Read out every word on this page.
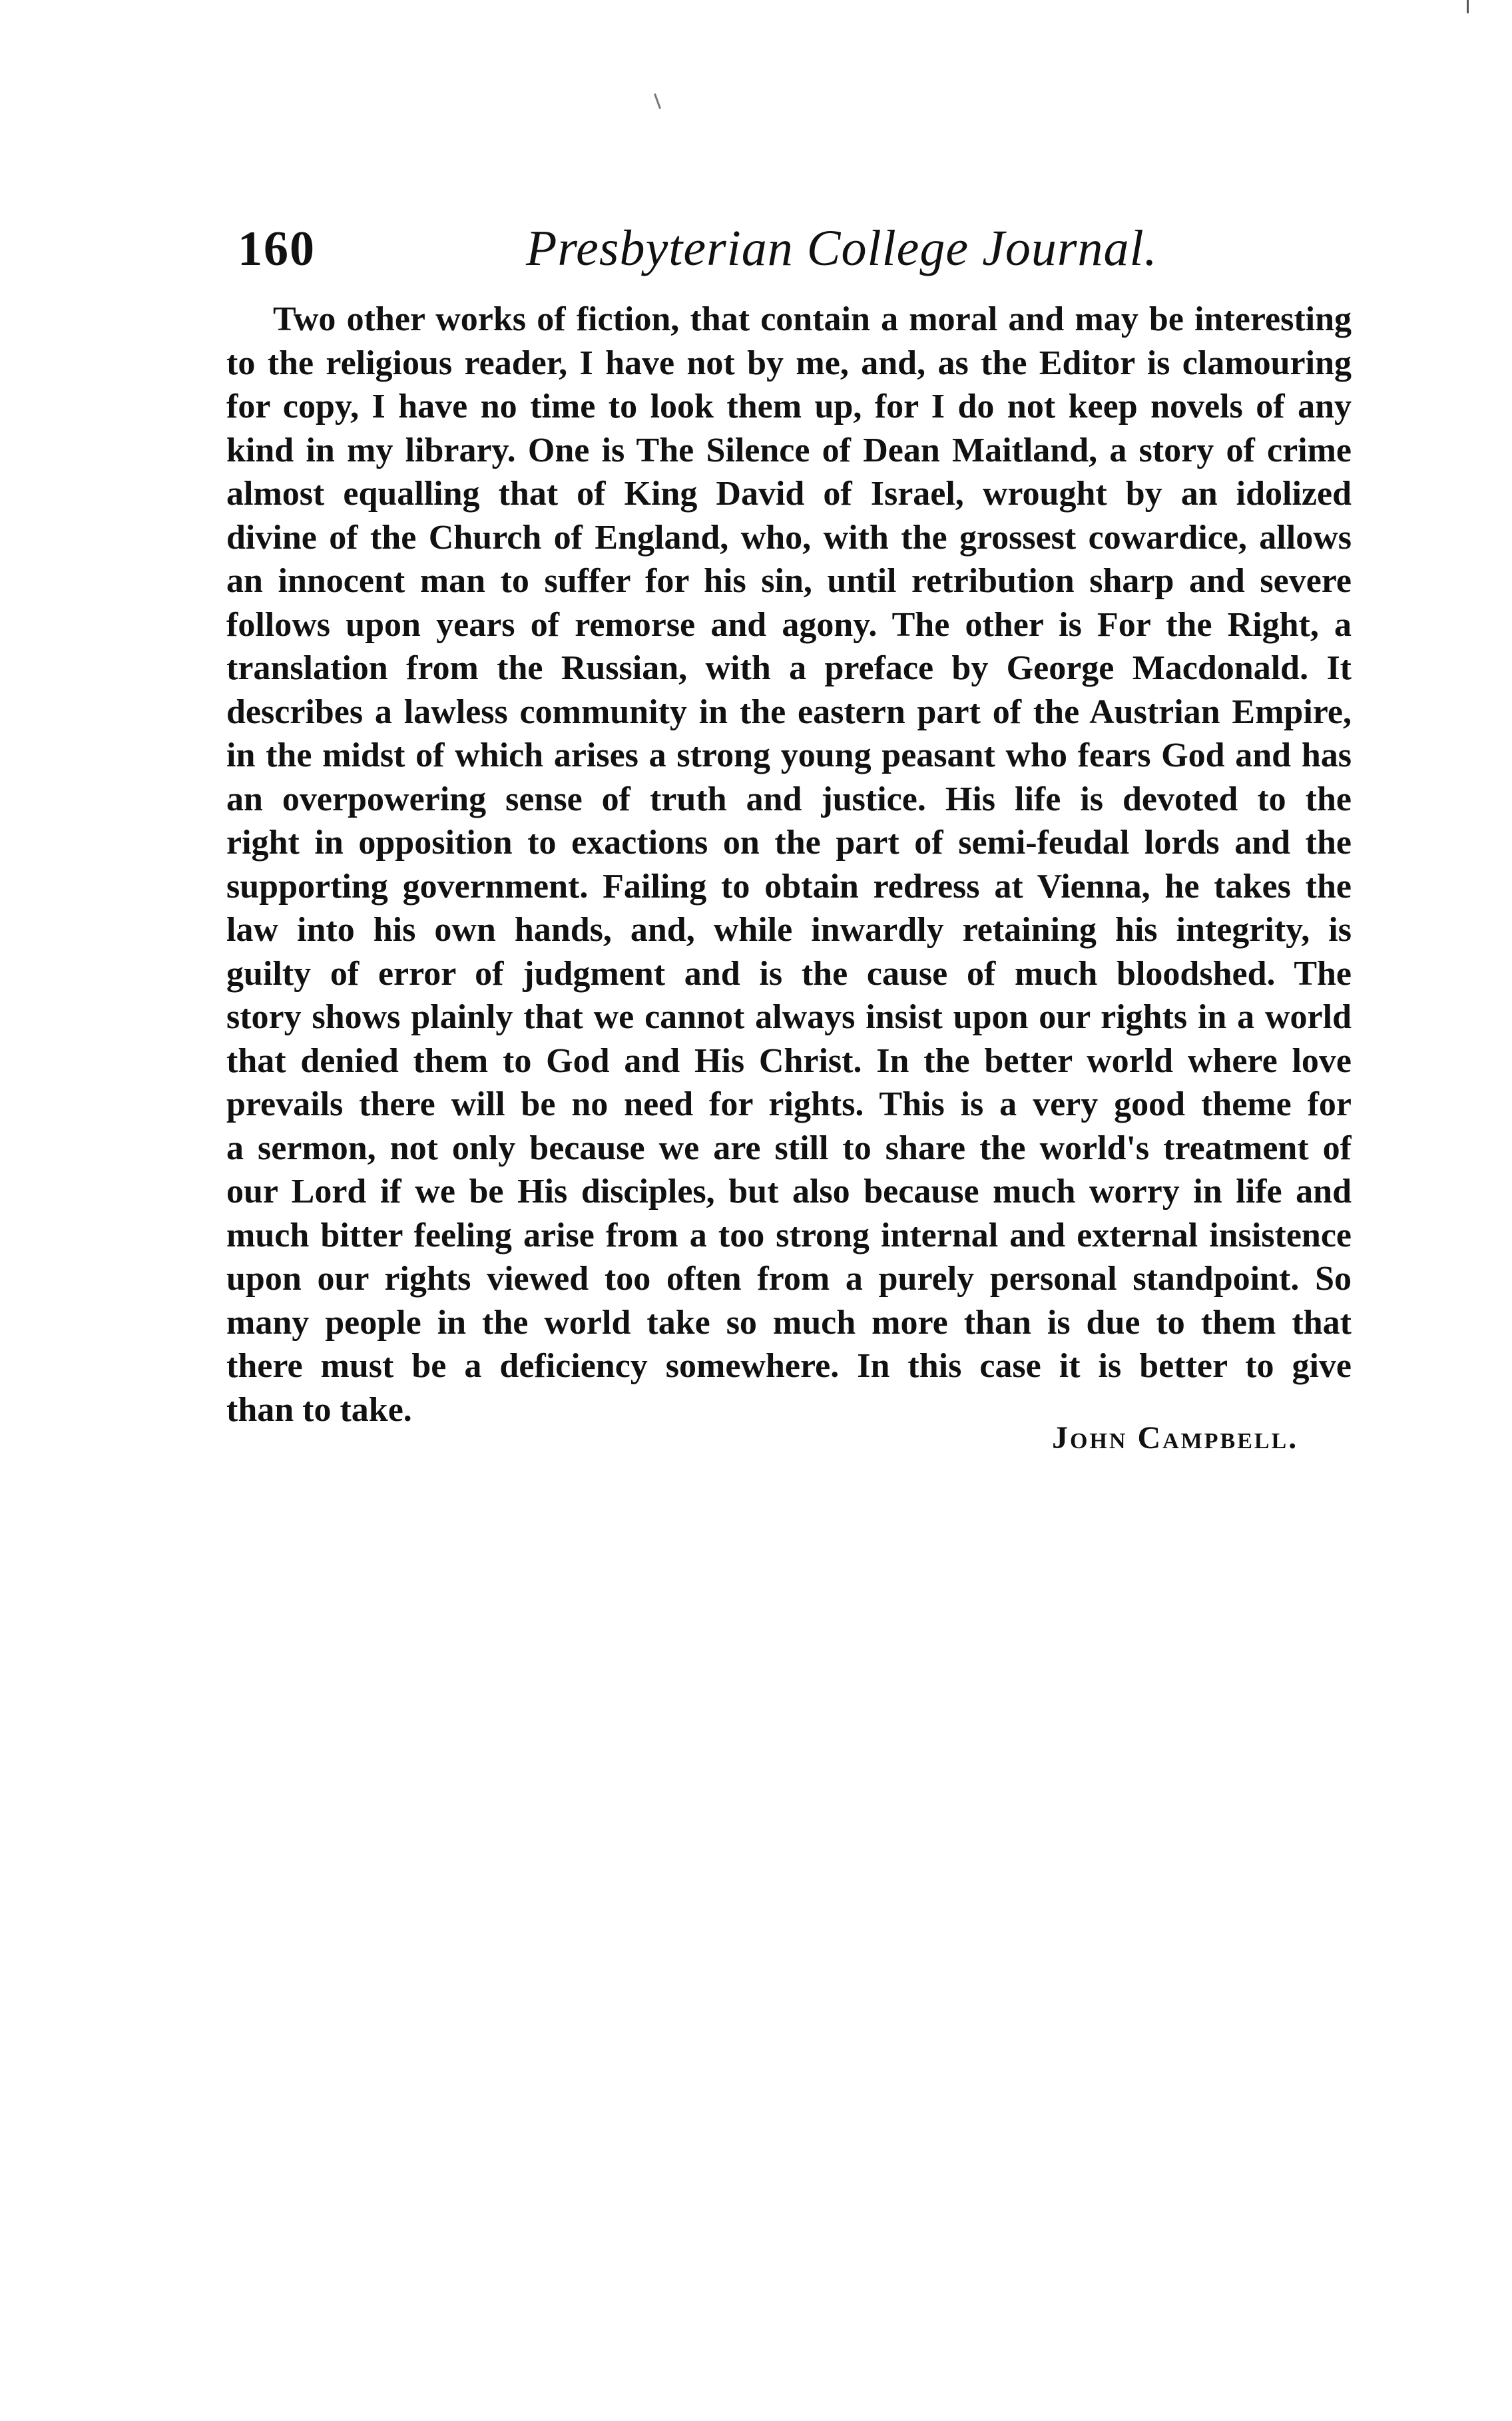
160	Presbyterian College Journal.
Two other works of fiction, that contain a moral and may be interesting
to the religious reader, I have not by me, and, as the Editor is clamouring
for copy, I have no time to look them up, for I do not keep novels of any
kind in my library. One is The Silence of Dean Maitland, a story of crime
almost equalling that of King David of Israel, wrought by an idolized
divine of the Church of England, who, with the grossest cowardice, allows
an innocent man to suffer for his sin, until retribution sharp and severe
follows upon years of remorse and agony. The other is For the Right, a
translation from the Russian, with a preface by George Macdonald. It
describes a lawless community in the eastern part of the Austrian Empire,
in the midst of which arises a strong young peasant who fears God and has
an overpowering sense of truth and justice. His life is devoted to the
right in opposition to exactions on the part of semi-feudal lords and the
supporting government. Failing to obtain redress at Vienna, he takes the
law into his own hands, and, while inwardly retaining his integrity, is
guilty of error of judgment and is the cause of much bloodshed. The
story shows plainly that we cannot always insist upon our rights in a world
that denied them to God and His Christ. In the better world where love
prevails there will be no need for rights. This is a very good theme for
a sermon, not only because we are still to share the world's treatment of
our Lord if we be His disciples, but also because much worry in life and
much bitter feeling arise from a too strong internal and external insistence
upon our rights viewed too often from a purely personal standpoint. So
many people in the world take so much more than is due to them that
there must be a deficiency somewhere. In this case it is better to give
than to take.
John Campbell.
